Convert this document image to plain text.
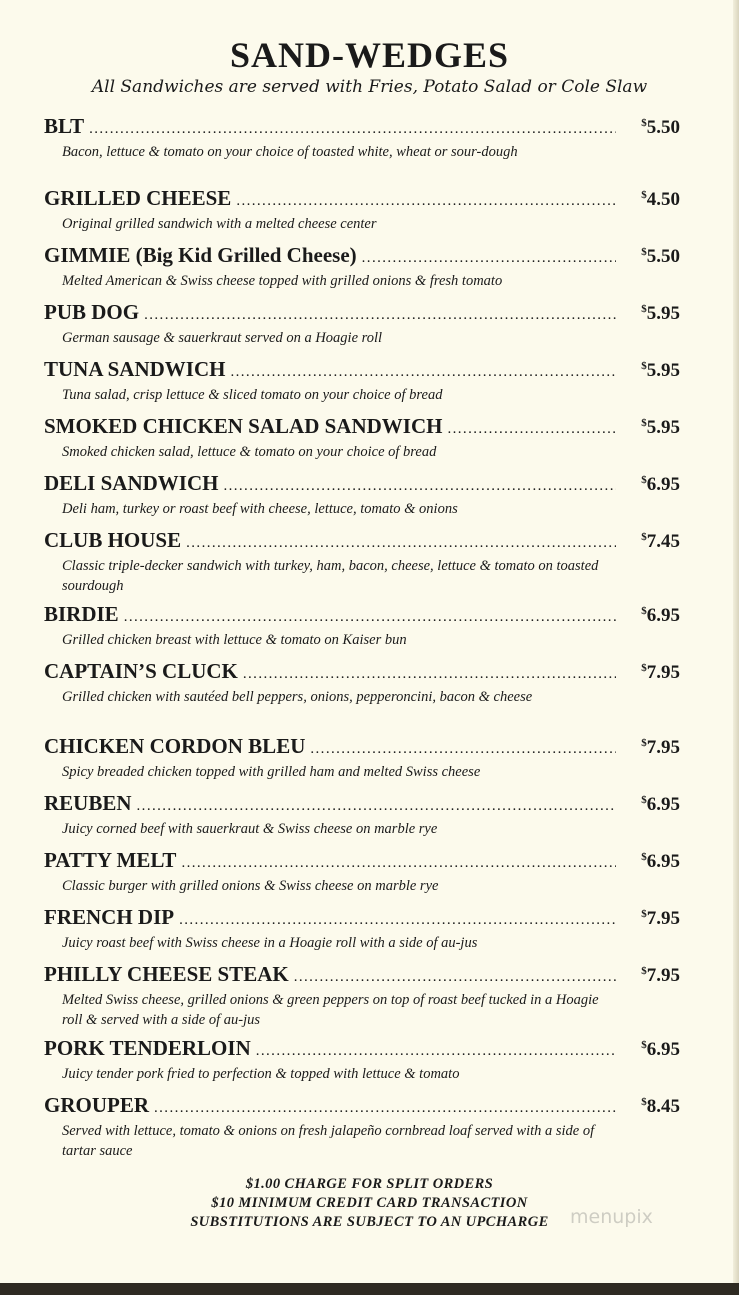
SAND-WEDGES
All Sandwiches are served with Fries, Potato Salad or Cole Slaw
BLT .....	$5.50
Bacon, lettuce & tomato on your choice of toasted white, wheat or sour-dough
GRILLED CHEESE .....	$4.50
Original grilled sandwich with a melted cheese center
GIMMIE (Big Kid Grilled Cheese) .....	$5.50
Melted American & Swiss cheese topped with grilled onions & fresh tomato
PUB DOG .....	$5.95
German sausage & sauerkraut served on a Hoagie roll
TUNA SANDWICH .....	$5.95
Tuna salad, crisp lettuce & sliced tomato on your choice of bread
SMOKED CHICKEN SALAD SANDWICH .....	$5.95
Smoked chicken salad, lettuce & tomato on your choice of bread
DELI SANDWICH .....	$6.95
Deli ham, turkey or roast beef with cheese, lettuce, tomato & onions
CLUB HOUSE .....	$7.45
Classic triple-decker sandwich with turkey, ham, bacon, cheese, lettuce & tomato on toasted sourdough
BIRDIE .....	$6.95
Grilled chicken breast with lettuce & tomato on Kaiser bun
CAPTAIN’S CLUCK .....	$7.95
Grilled chicken with sautéed bell peppers, onions, pepperoncini, bacon & cheese
CHICKEN CORDON BLEU .....	$7.95
Spicy breaded chicken topped with grilled ham and melted Swiss cheese
REUBEN .....	$6.95
Juicy corned beef with sauerkraut & Swiss cheese on marble rye
PATTY MELT .....	$6.95
Classic burger with grilled onions & Swiss cheese on marble rye
FRENCH DIP .....	$7.95
Juicy roast beef with Swiss cheese in a Hoagie roll with a side of au-jus
PHILLY CHEESE STEAK .....	$7.95
Melted Swiss cheese, grilled onions & green peppers on top of roast beef tucked in a Hoagie roll & served with a side of au-jus
PORK TENDERLOIN .....	$6.95
Juicy tender pork fried to perfection & topped with lettuce & tomato
GROUPER .....	$8.45
Served with lettuce, tomato & onions on fresh jalapeño cornbread loaf served with a side of tartar sauce
$1.00 CHARGE FOR SPLIT ORDERS
$10 MINIMUM CREDIT CARD TRANSACTION
SUBSTITUTIONS ARE SUBJECT TO AN UPCHARGE	menupix
